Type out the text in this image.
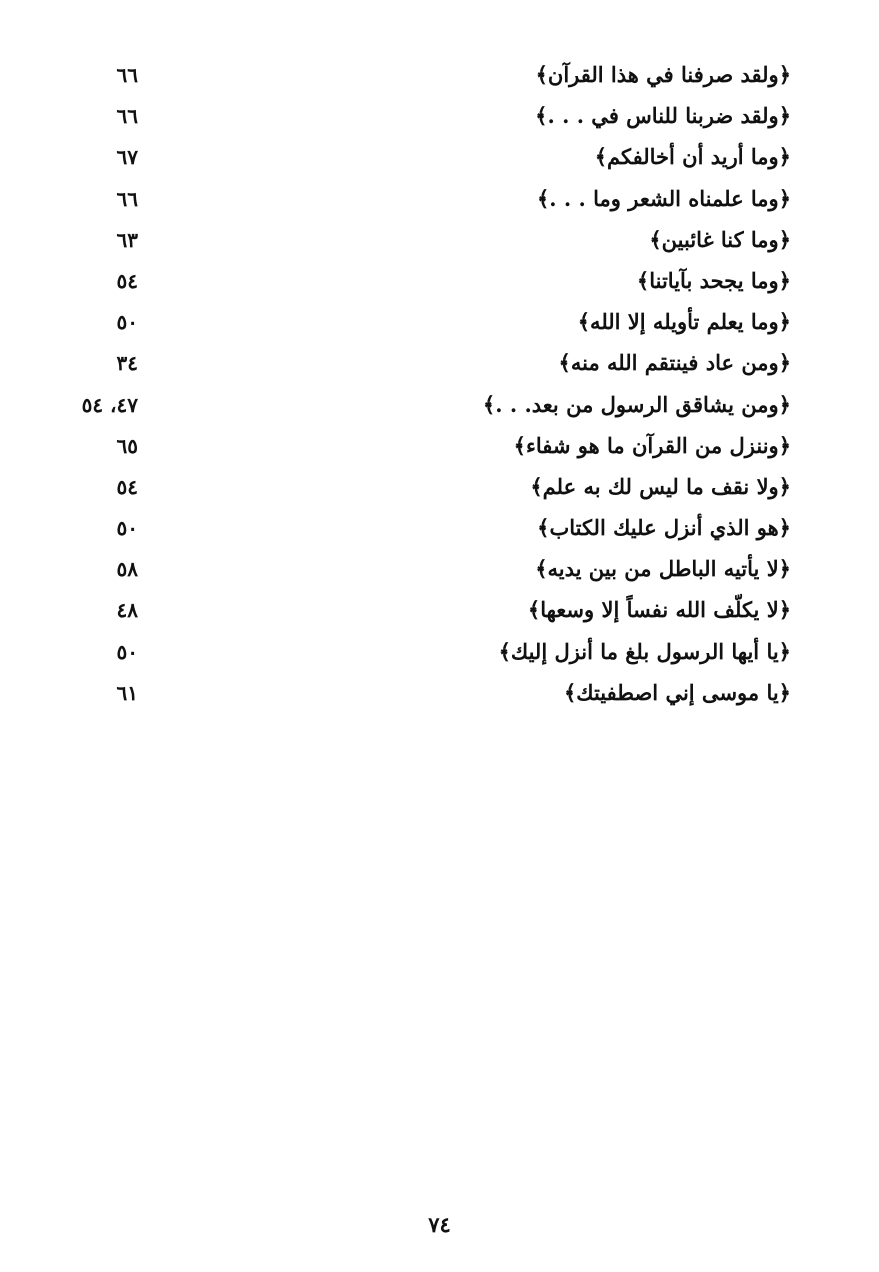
﴿ولقد صرفنا في هذا القرآن﴾
٦٦
﴿ولقد ضربنا للناس في . . .﴾
٦٦
﴿وما أريد أن أخالفكم﴾
٦٧
﴿وما علمناه الشعر وما . . .﴾
٦٦
﴿وما كنا غائبين﴾
٦٣
﴿وما يجحد بآياتنا﴾
٥٤
﴿وما يعلم تأويله إلا الله﴾
٥٠
﴿ومن عاد فينتقم الله منه﴾
٣٤
﴿ومن يشاقق الرسول من بعد. . .﴾
٤٧، ٥٤
﴿وننزل من القرآن ما هو شفاء﴾
٦٥
﴿ولا نقف ما ليس لك به علم﴾
٥٤
﴿هو الذي أنزل عليك الكتاب﴾
٥٠
﴿لا يأتيه الباطل من بين يديه﴾
٥٨
﴿لا يكلّف الله نفساً إلا وسعها﴾
٤٨
﴿يا أيها الرسول بلغ ما أنزل إليك﴾
٥٠
﴿يا موسى إني اصطفيتك﴾
٦١
٧٤
